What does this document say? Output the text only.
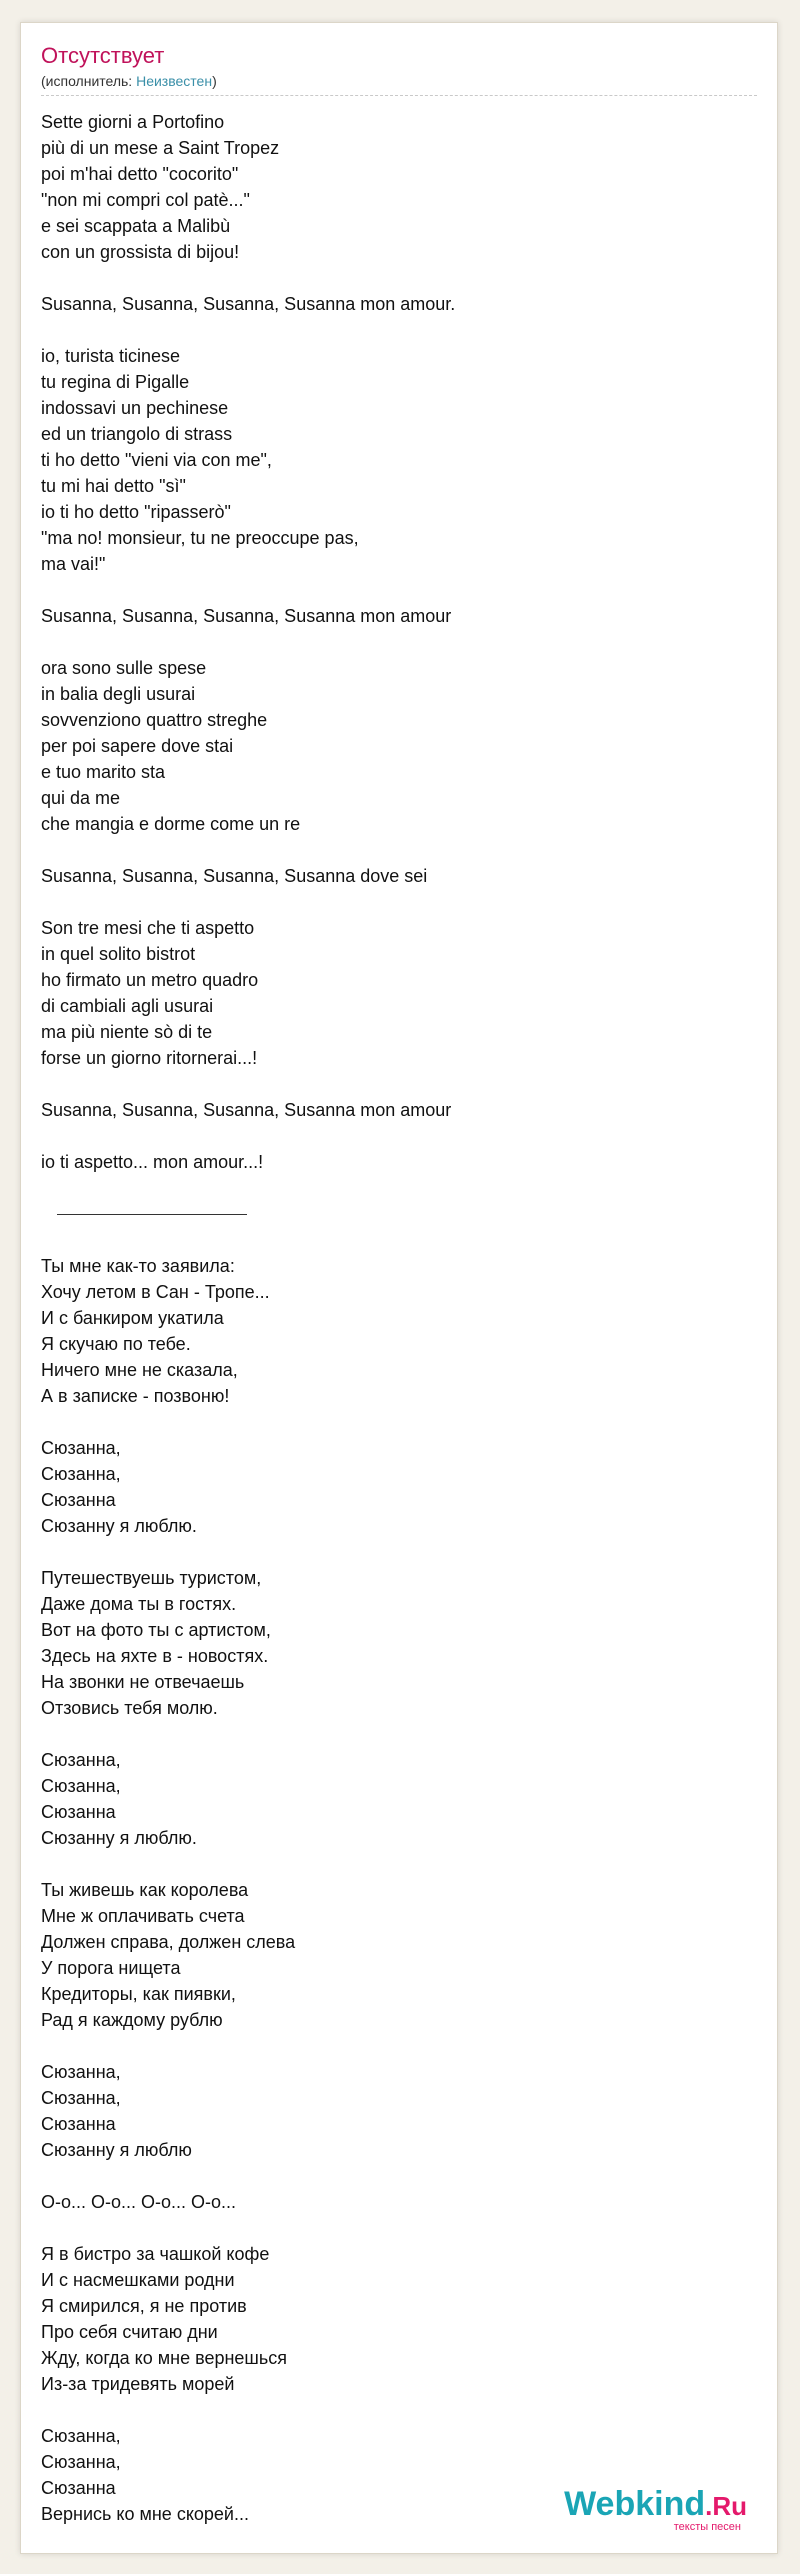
Отсутствует
(исполнитель: Неизвестен)
Sette giorni a Portofino
più di un mese a Saint Tropez
poi m'hai detto "cocorito"
"non mi compri col patè..."
e sei scappata a Malibù
con un grossista di bijou!
Susanna, Susanna, Susanna, Susanna mon amour.
io, turista ticinese
tu regina di Pigalle
indossavi un pechinese
ed un triangolo di strass
ti ho detto "vieni via con me",
tu mi hai detto "sì"
io ti ho detto "ripasserò"
"ma no! monsieur, tu ne preoccupe pas,
ma vai!"
Susanna, Susanna, Susanna, Susanna mon amour
ora sono sulle spese
in balia degli usurai
sovvenziono quattro streghe
per poi sapere dove stai
e tuo marito sta
qui da me
che mangia e dorme come un re
Susanna, Susanna, Susanna, Susanna dove sei
Son tre mesi che ti aspetto
in quel solito bistrot
ho firmato un metro quadro
di cambiali agli usurai
ma più niente sò di te
forse un giorno ritornerai...!
Susanna, Susanna, Susanna, Susanna mon amour
io ti aspetto... mon amour...!
Ты мне как-то заявила:
Хочу летом в Сан - Тропе...
И с банкиром укатила
Я скучаю по тебе.
Ничего мне не сказала,
А в записке - позвоню!
Сюзанна,
Сюзанна,
Сюзанна
Сюзанну я люблю.
Путешествуешь туристом,
Даже дома ты в гостях.
Вот на фото ты с артистом,
Здесь на яхте в - новостях.
На звонки не отвечаешь
Отзовись тебя молю.
Сюзанна,
Сюзанна,
Сюзанна
Сюзанну я люблю.
Ты живешь как королева
Мне ж оплачивать счета
Должен справа, должен слева
У порога нищета
Кредиторы, как пиявки,
Рад я каждому рублю
Сюзанна,
Сюзанна,
Сюзанна
Сюзанну я люблю
О-о... О-о... О-о... О-о...
Я в бистро за чашкой кофе
И с насмешками родни
Я смирился, я не против
Про себя считаю дни
Жду, когда ко мне вернешься
Из-за тридевять морей
Сюзанна,
Сюзанна,
Сюзанна
Вернись ко мне скорей...	Webkind.Ru
тексты песен
